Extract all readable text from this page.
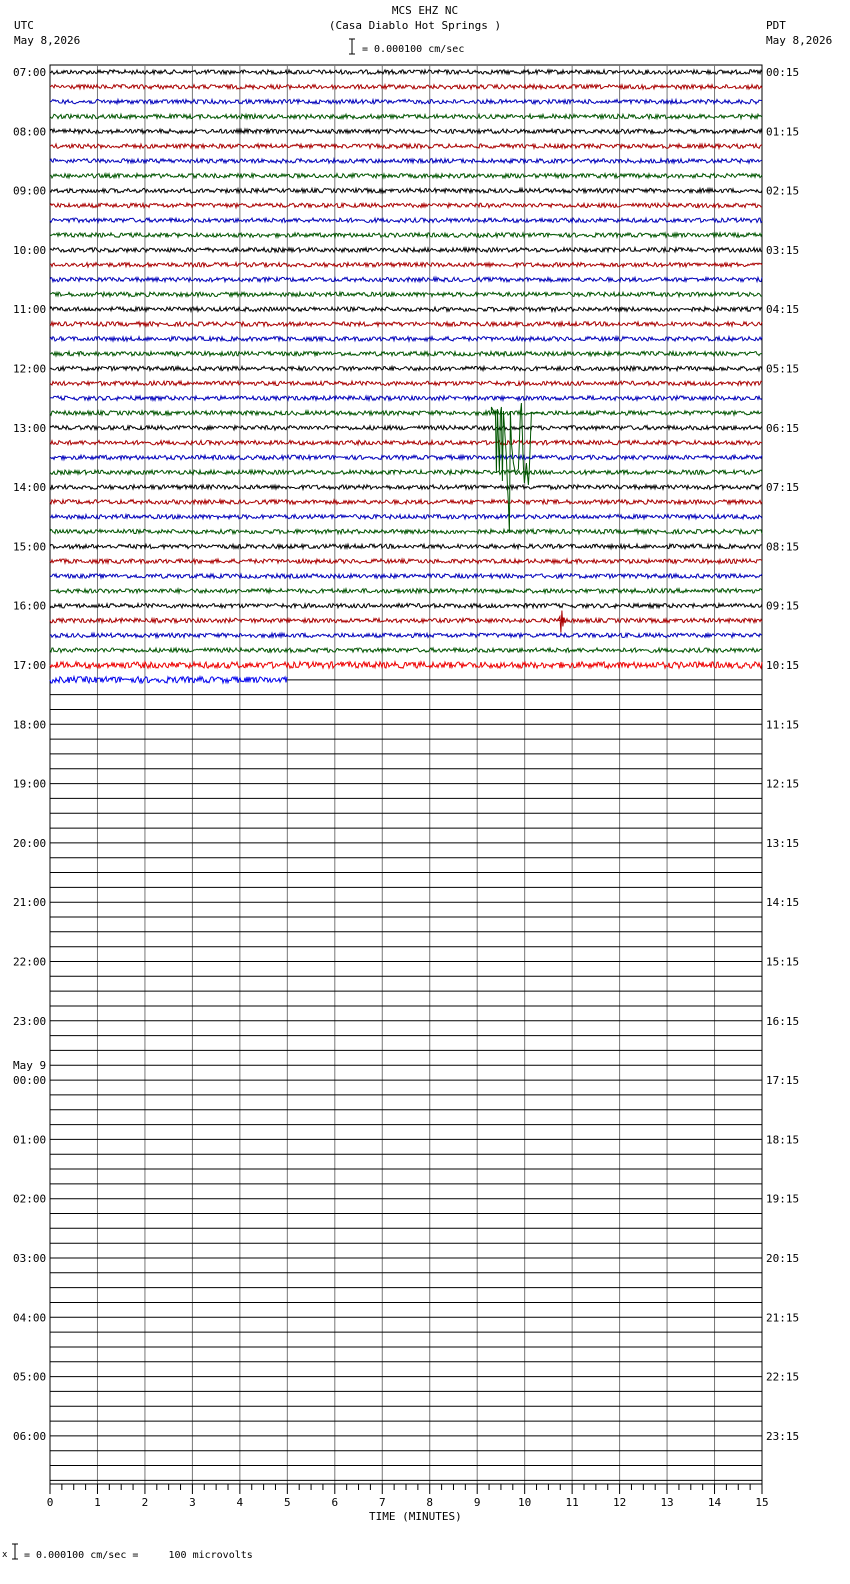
0	1	2	3	4	5	6	7	8	9	10	11	12	13	14	15
07:00
08:00
09:00
10:00
11:00
12:00
13:00
14:00
15:00
16:00
17:00
18:00
19:00
20:00
21:00
22:00
23:00
00:00
May 9
01:00
02:00
03:00
04:00
05:00
06:00
00:15
01:15
02:15
03:15
04:15
05:15
06:15
07:15
08:15
09:15
10:15
11:15
12:15
13:15
14:15
15:15
16:15
17:15
18:15
19:15
20:15
21:15
22:15
23:15
MCS EHZ NC
(Casa Diablo Hot Springs )
UTC
May 8,2026
PDT
May 8,2026
= 0.000100 cm/sec
TIME (MINUTES)
x = 0.000100 cm/sec =     100 microvolts
